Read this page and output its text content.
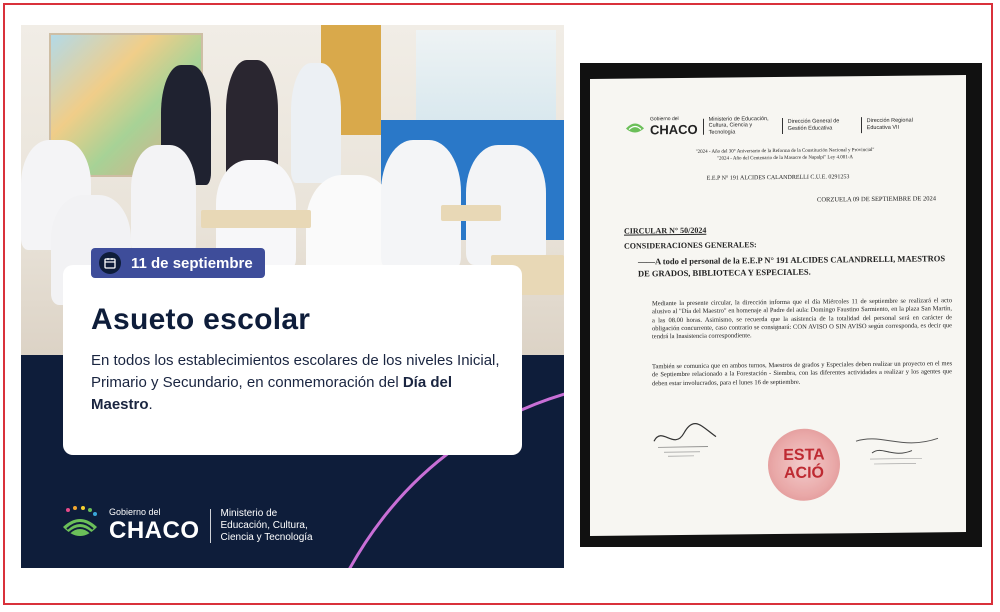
11 de septiembre
Asueto escolar
En todos los establecimientos escolares de los niveles Inicial, Primario y Secundario, en conmemoración del Día del Maestro.
Gobierno del
CHACO
Ministerio de Educación, Cultura, Ciencia y Tecnología
Gobierno del
CHACO
Ministerio de Educación, Cultura, Ciencia y Tecnología
Dirección General de Gestión Educativa
Dirección Regional Educativa VII
"2024 - Año del 30° Aniversario de la Reforma de la Constitución Nacional y Provincial"
"2024 - Año del Centenario de la Masacre de Napalpí" Ley 4.001-A
E.E.P N° 191 ALCIDES CALANDRELLI C.U.E. 0291253
CORZUELA 09 DE SEPTIEMBRE DE 2024
CIRCULAR N° 50/2024
CONSIDERACIONES GENERALES:
——A todo el personal de la E.E.P N° 191 ALCIDES CALANDRELLI, MAESTROS DE GRADOS, BIBLIOTECA Y ESPECIALES.
Mediante la presente circular, la dirección informa que el día Miércoles 11 de septiembre se realizará el acto alusivo al "Día del Maestro" en homenaje al Padre del aula: Domingo Faustino Sarmiento, en la plaza San Martín, a las 08.00 horas. Asimismo, se recuerda que la asistencia de la totalidad del personal será en carácter de obligación concurrente, caso contrario se consignará: CON AVISO O SIN AVISO según corresponda, es decir que tendrá la Inasistencia correspondiente.
También se comunica que en ambos turnos, Maestros de grados y Especiales deben realizar un proyecto en el mes de Septiembre relacionado a la Forestación - Siembra, con las diferentes actividades a realizar y los agentes que deben estar involucrados, para el lunes 16 de septiembre.
ESTA
ACIÓ
